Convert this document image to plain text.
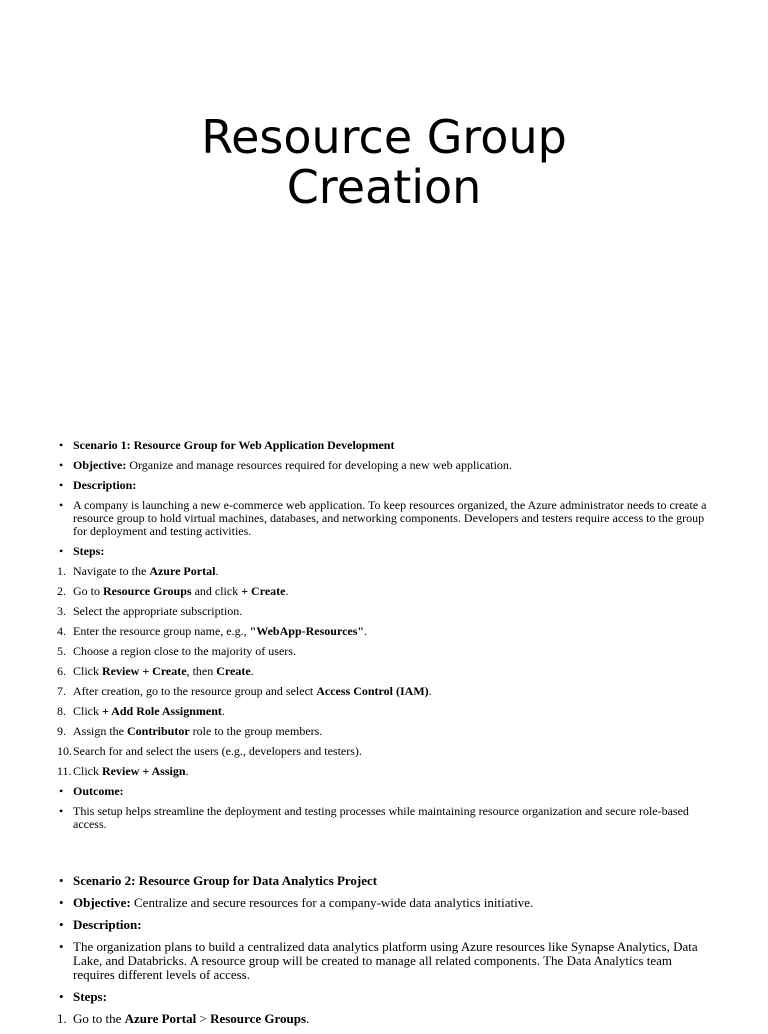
Resource Group
Creation
• Scenario 1: Resource Group for Web Application Development
• Objective: Organize and manage resources required for developing a new web application.
• Description:
• A company is launching a new e-commerce web application. To keep resources organized, the Azure administrator needs to create a resource group to hold virtual machines, databases, and networking components. Developers and testers require access to the group for deployment and testing activities.
• Steps:
1. Navigate to the Azure Portal.
2. Go to Resource Groups and click + Create.
3. Select the appropriate subscription.
4. Enter the resource group name, e.g., "WebApp-Resources".
5. Choose a region close to the majority of users.
6. Click Review + Create, then Create.
7. After creation, go to the resource group and select Access Control (IAM).
8. Click + Add Role Assignment.
9. Assign the Contributor role to the group members.
10. Search for and select the users (e.g., developers and testers).
11. Click Review + Assign.
• Outcome:
• This setup helps streamline the deployment and testing processes while maintaining resource organization and secure role-based access.
• Scenario 2: Resource Group for Data Analytics Project
• Objective: Centralize and secure resources for a company-wide data analytics initiative.
• Description:
• The organization plans to build a centralized data analytics platform using Azure resources like Synapse Analytics, Data Lake, and Databricks. A resource group will be created to manage all related components. The Data Analytics team requires different levels of access.
• Steps:
1. Go to the Azure Portal > Resource Groups.
